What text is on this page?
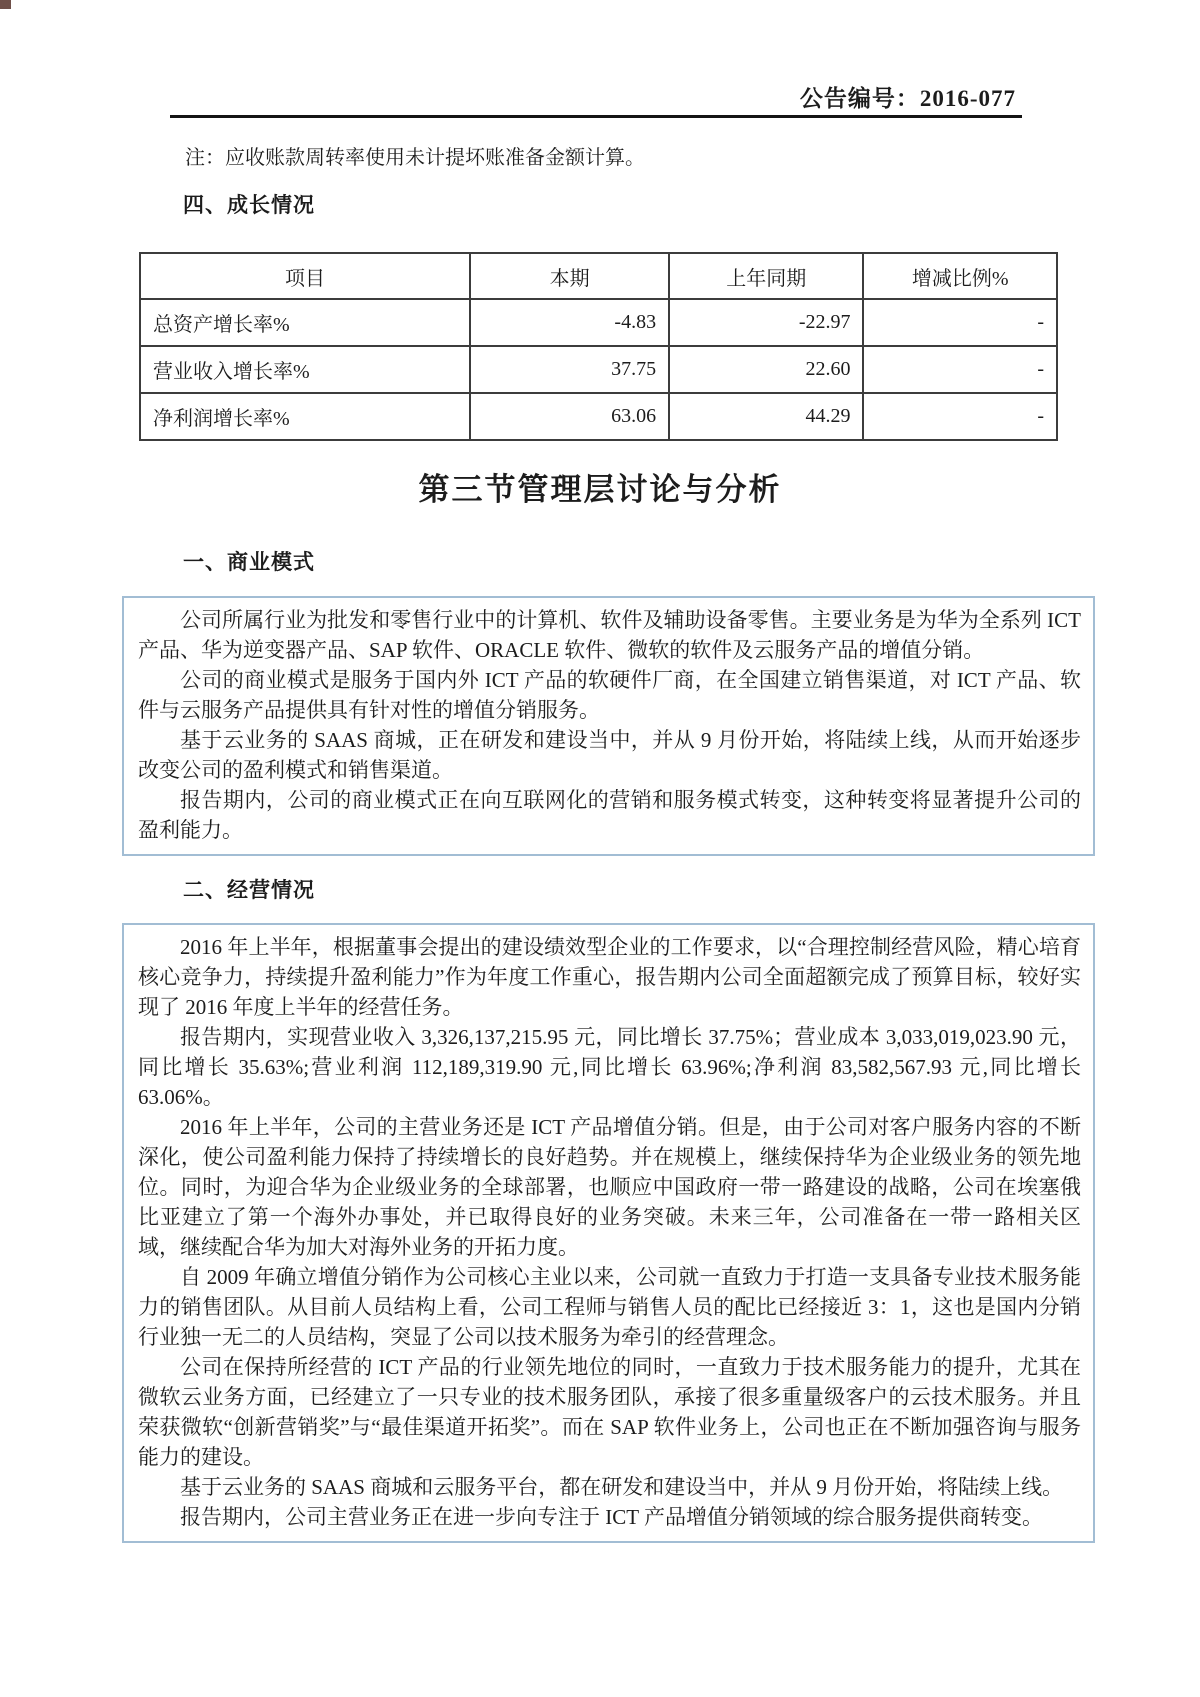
公告编号：2016-077
注：应收账款周转率使用未计提坏账准备金额计算。
四、成长情况
项目	本期	上年同期	增减比例%
总资产增长率%	-4.83	-22.97	-
营业收入增长率%	37.75	22.60	-
净利润增长率%	63.06	44.29	-
第三节管理层讨论与分析
一、商业模式

公司所属行业为批发和零售行业中的计算机、软件及辅助设备零售。主要业务是为华为全系列 ICT 产品、华为逆变器产品、SAP 软件、ORACLE 软件、微软的软件及云服务产品的增值分销。

公司的商业模式是服务于国内外 ICT 产品的软硬件厂商，在全国建立销售渠道，对 ICT 产品、软件与云服务产品提供具有针对性的增值分销服务。

基于云业务的 SAAS 商城，正在研发和建设当中，并从 9 月份开始，将陆续上线，从而开始逐步改变公司的盈利模式和销售渠道。

报告期内，公司的商业模式正在向互联网化的营销和服务模式转变，这种转变将显著提升公司的盈利能力。

二、经营情况

2016 年上半年，根据董事会提出的建设绩效型企业的工作要求，以“合理控制经营风险，精心培育核心竞争力，持续提升盈利能力”作为年度工作重心，报告期内公司全面超额完成了预算目标，较好实现了 2016 年度上半年的经营任务。

报告期内，实现营业收入 3,326,137,215.95 元，同比增长 37.75%；营业成本 3,033,019,023.90 元，同比增长 35.63%;营业利润 112,189,319.90 元,同比增长 63.96%;净利润 83,582,567.93 元,同比增长 63.06%。

2016 年上半年，公司的主营业务还是 ICT 产品增值分销。但是，由于公司对客户服务内容的不断深化，使公司盈利能力保持了持续增长的良好趋势。并在规模上，继续保持华为企业级业务的领先地位。同时，为迎合华为企业级业务的全球部署，也顺应中国政府一带一路建设的战略，公司在埃塞俄比亚建立了第一个海外办事处，并已取得良好的业务突破。未来三年，公司准备在一带一路相关区域，继续配合华为加大对海外业务的开拓力度。

自 2009 年确立增值分销作为公司核心主业以来，公司就一直致力于打造一支具备专业技术服务能力的销售团队。从目前人员结构上看，公司工程师与销售人员的配比已经接近 3：1，这也是国内分销行业独一无二的人员结构，突显了公司以技术服务为牵引的经营理念。

公司在保持所经营的 ICT 产品的行业领先地位的同时，一直致力于技术服务能力的提升，尤其在微软云业务方面，已经建立了一只专业的技术服务团队，承接了很多重量级客户的云技术服务。并且荣获微软“创新营销奖”与“最佳渠道开拓奖”。而在 SAP 软件业务上，公司也正在不断加强咨询与服务能力的建设。

基于云业务的 SAAS 商城和云服务平台，都在研发和建设当中，并从 9 月份开始，将陆续上线。

报告期内，公司主营业务正在进一步向专注于 ICT 产品增值分销领域的综合服务提供商转变。
